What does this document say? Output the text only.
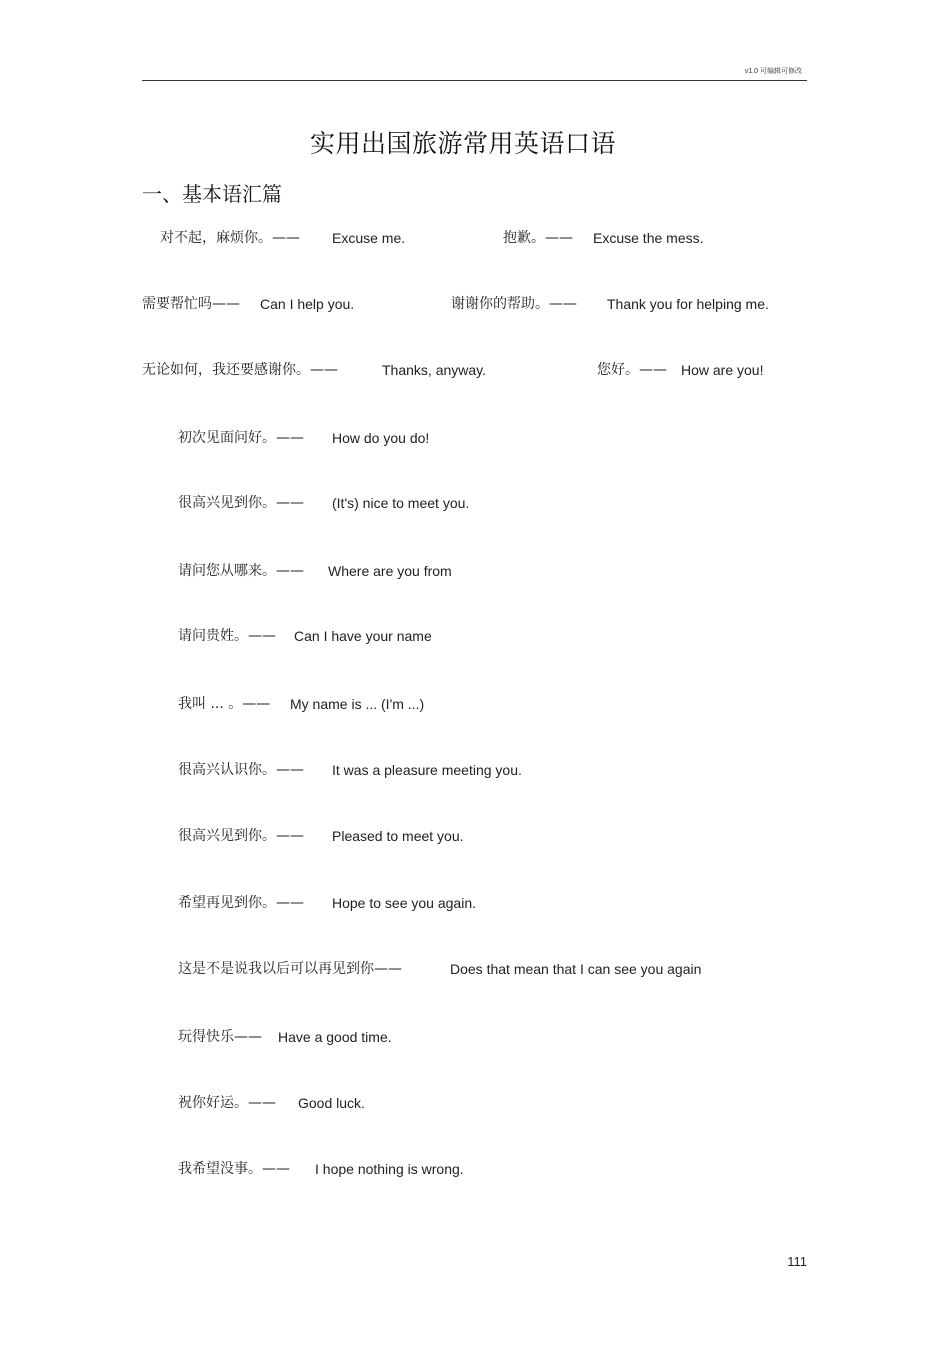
v1.0 可编辑可修改
实用出国旅游常用英语口语
一、基本语汇篇
对不起，麻烦你。—— Excuse me.	抱歉。—— Excuse the mess.
需要帮忙吗—— Can I help you.	谢谢你的帮助。—— Thank you for helping me.
无论如何，我还要感谢你。——	Thanks, anyway.	您好。—— How are you!
初次见面问好。—— How do you do!
很高兴见到你。—— (It's) nice to meet you.
请问您从哪来。—— Where are you from
请问贵姓。—— Can I have your name
我叫 ... 。—— My name is ... (I'm ...)
很高兴认识你。—— It was a pleasure meeting you.
很高兴见到你。—— Pleased to meet you.
希望再见到你。—— Hope to see you again.
这是不是说我以后可以再见到你——	Does that mean that I can see you again
玩得快乐—— Have a good time.
祝你好运。—— Good luck.
我希望没事。—— I hope nothing is wrong.
111
